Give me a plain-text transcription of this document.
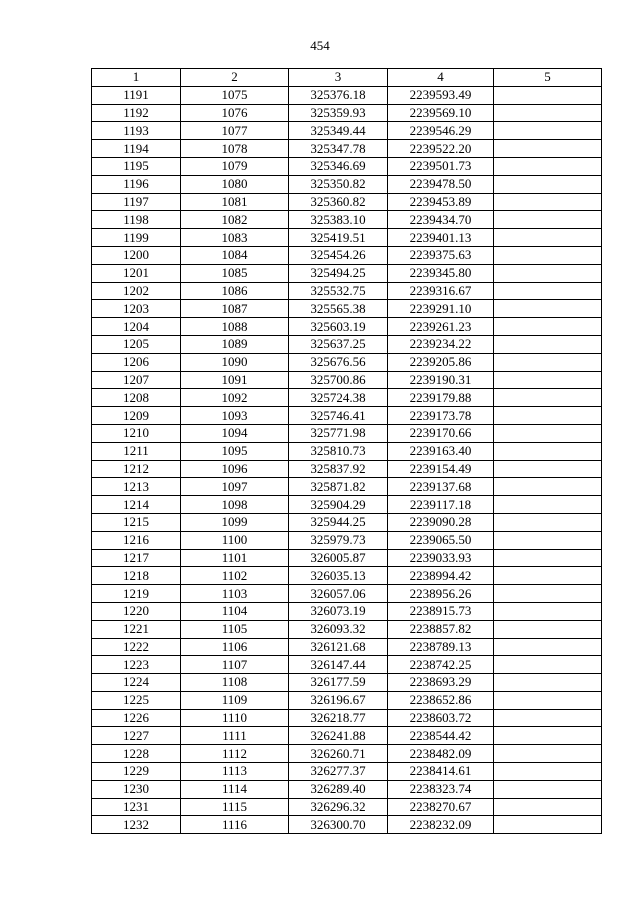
454
1	2	3	4	5
1191	1075	325376.18	2239593.49	
1192	1076	325359.93	2239569.10	
1193	1077	325349.44	2239546.29	
1194	1078	325347.78	2239522.20	
1195	1079	325346.69	2239501.73	
1196	1080	325350.82	2239478.50	
1197	1081	325360.82	2239453.89	
1198	1082	325383.10	2239434.70	
1199	1083	325419.51	2239401.13	
1200	1084	325454.26	2239375.63	
1201	1085	325494.25	2239345.80	
1202	1086	325532.75	2239316.67	
1203	1087	325565.38	2239291.10	
1204	1088	325603.19	2239261.23	
1205	1089	325637.25	2239234.22	
1206	1090	325676.56	2239205.86	
1207	1091	325700.86	2239190.31	
1208	1092	325724.38	2239179.88	
1209	1093	325746.41	2239173.78	
1210	1094	325771.98	2239170.66	
1211	1095	325810.73	2239163.40	
1212	1096	325837.92	2239154.49	
1213	1097	325871.82	2239137.68	
1214	1098	325904.29	2239117.18	
1215	1099	325944.25	2239090.28	
1216	1100	325979.73	2239065.50	
1217	1101	326005.87	2239033.93	
1218	1102	326035.13	2238994.42	
1219	1103	326057.06	2238956.26	
1220	1104	326073.19	2238915.73	
1221	1105	326093.32	2238857.82	
1222	1106	326121.68	2238789.13	
1223	1107	326147.44	2238742.25	
1224	1108	326177.59	2238693.29	
1225	1109	326196.67	2238652.86	
1226	1110	326218.77	2238603.72	
1227	1111	326241.88	2238544.42	
1228	1112	326260.71	2238482.09	
1229	1113	326277.37	2238414.61	
1230	1114	326289.40	2238323.74	
1231	1115	326296.32	2238270.67	
1232	1116	326300.70	2238232.09	
